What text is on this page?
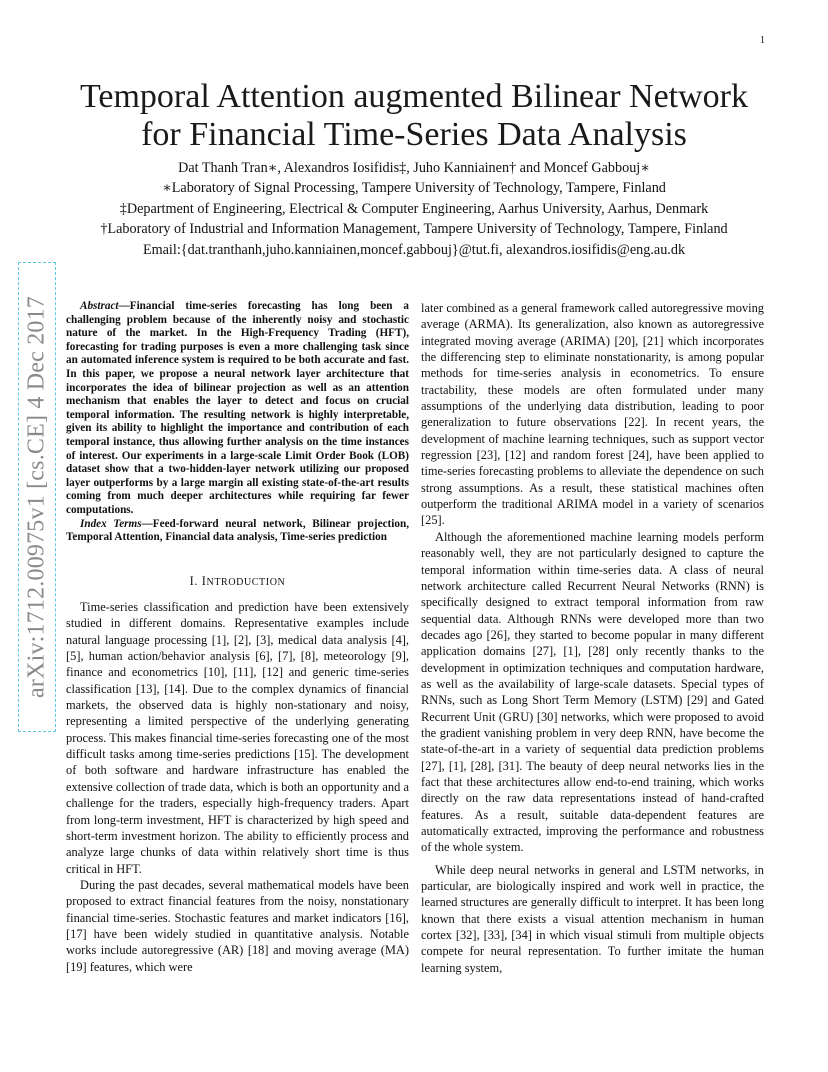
1
Temporal Attention augmented Bilinear Network
for Financial Time-Series Data Analysis
Dat Thanh Tran∗, Alexandros Iosifidis‡, Juho Kanniainen† and Moncef Gabbouj∗
∗Laboratory of Signal Processing, Tampere University of Technology, Tampere, Finland
‡Department of Engineering, Electrical & Computer Engineering, Aarhus University, Aarhus, Denmark
†Laboratory of Industrial and Information Management, Tampere University of Technology, Tampere, Finland
Email:{dat.tranthanh,juho.kanniainen,moncef.gabbouj}@tut.fi, alexandros.iosifidis@eng.au.dk
arXiv:1712.00975v1 [cs.CE] 4 Dec 2017	Abstract—Financial time-series forecasting has long been a challenging problem because of the inherently noisy and stochastic nature of the market. In the High-Frequency Trading (HFT), forecasting for trading purposes is even a more challenging task since an automated inference system is required to be both accurate and fast. In this paper, we propose a neural network layer architecture that incorporates the idea of bilinear projection as well as an attention mechanism that enables the layer to detect and focus on crucial temporal information. The resulting network is highly interpretable, given its ability to highlight the importance and contribution of each temporal instance, thus allowing further analysis on the time instances of interest. Our experiments in a large-scale Limit Order Book (LOB) dataset show that a two-hidden-layer network utilizing our proposed layer outperforms by a large margin all existing state-of-the-art results coming from much deeper architectures while requiring far fewer computations.

Index Terms—Feed-forward neural network, Bilinear projection, Temporal Attention, Financial data analysis, Time-series prediction

I. INTRODUCTION

Time-series classification and prediction have been extensively studied in different domains. Representative examples include natural language processing [1], [2], [3], medical data analysis [4], [5], human action/behavior analysis [6], [7], [8], meteorology [9], finance and econometrics [10], [11], [12] and generic time-series classification [13], [14]. Due to the complex dynamics of financial markets, the observed data is highly non-stationary and noisy, representing a limited perspective of the underlying generating process. This makes financial time-series forecasting one of the most difficult tasks among time-series predictions [15]. The development of both software and hardware infrastructure has enabled the extensive collection of trade data, which is both an opportunity and a challenge for the traders, especially high-frequency traders. Apart from long-term investment, HFT is characterized by high speed and short-term investment horizon. The ability to efficiently process and analyze large chunks of data within relatively short time is thus critical in HFT.

During the past decades, several mathematical models have been proposed to extract financial features from the noisy, nonstationary financial time-series. Stochastic features and market indicators [16], [17] have been widely studied in quantitative analysis. Notable works include autoregressive (AR) [18] and moving average (MA) [19] features, which were

later combined as a general framework called autoregressive moving average (ARMA). Its generalization, also known as autoregressive integrated moving average (ARIMA) [20], [21] which incorporates the differencing step to eliminate nonstationarity, is among popular methods for time-series analysis in econometrics. To ensure tractability, these models are often formulated under many assumptions of the underlying data distribution, leading to poor generalization to future observations [22]. In recent years, the development of machine learning techniques, such as support vector regression [23], [12] and random forest [24], have been applied to time-series forecasting problems to alleviate the dependence on such strong assumptions. As a result, these statistical machines often outperform the traditional ARIMA model in a variety of scenarios [25].

Although the aforementioned machine learning models perform reasonably well, they are not particularly designed to capture the temporal information within time-series data. A class of neural network architecture called Recurrent Neural Networks (RNN) is specifically designed to extract temporal information from raw sequential data. Although RNNs were developed more than two decades ago [26], they started to become popular in many different application domains [27], [1], [28] only recently thanks to the development in optimization techniques and computation hardware, as well as the availability of large-scale datasets. Special types of RNNs, such as Long Short Term Memory (LSTM) [29] and Gated Recurrent Unit (GRU) [30] networks, which were proposed to avoid the gradient vanishing problem in very deep RNN, have become the state-of-the-art in a variety of sequential data prediction problems [27], [1], [28], [31]. The beauty of deep neural networks lies in the fact that these architectures allow end-to-end training, which works directly on the raw data representations instead of hand-crafted features. As a result, suitable data-dependent features are automatically extracted, improving the performance and robustness of the whole system.

While deep neural networks in general and LSTM networks, in particular, are biologically inspired and work well in practice, the learned structures are generally difficult to interpret. It has been long known that there exists a visual attention mechanism in human cortex [32], [33], [34] in which visual stimuli from multiple objects compete for neural representation. To further imitate the human learning system,
